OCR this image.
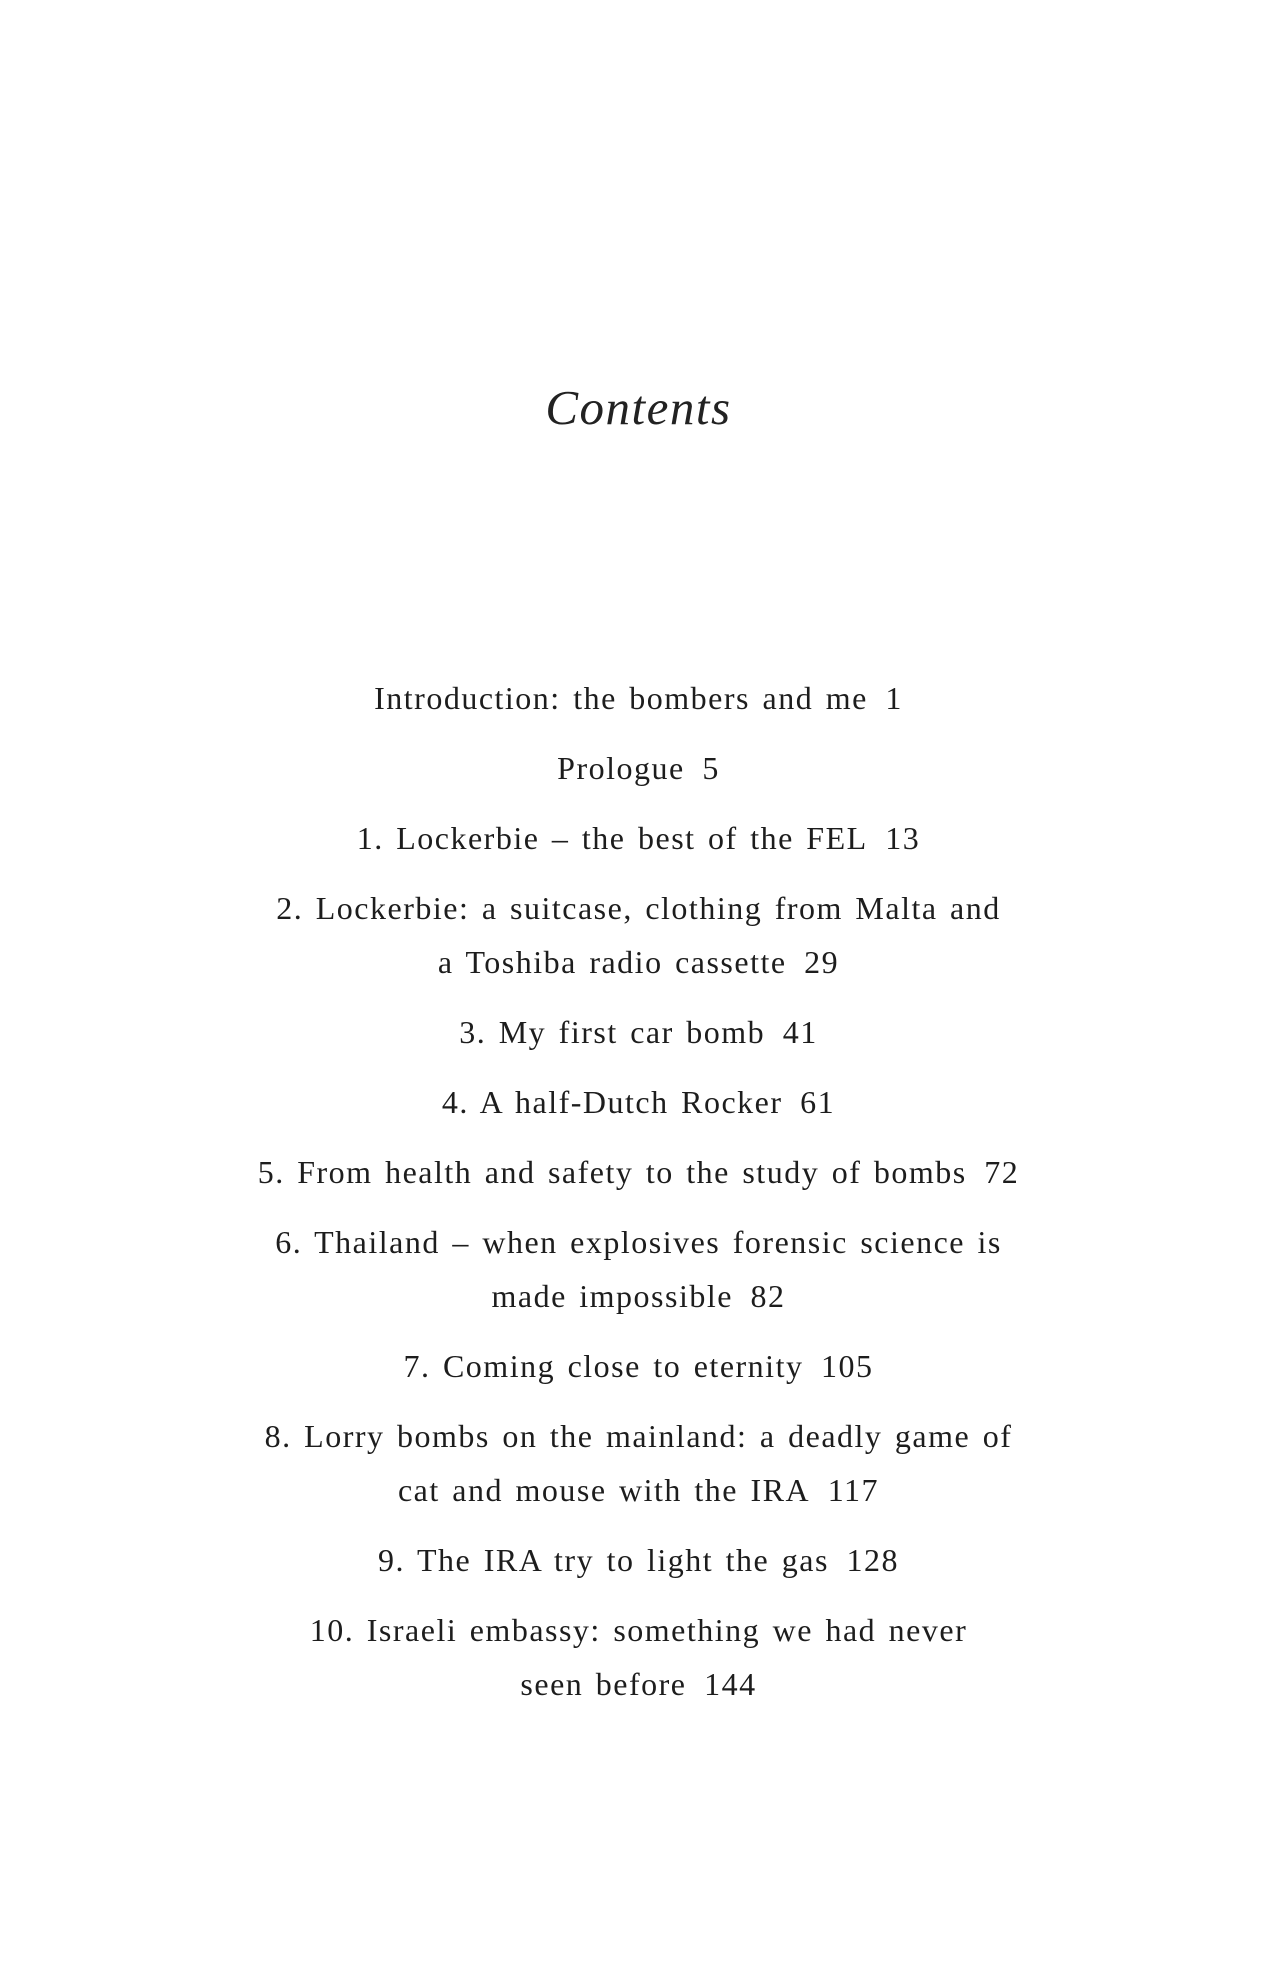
Contents
Introduction: the bombers and me 1
Prologue 5
1. Lockerbie – the best of the FEL 13
2. Lockerbie: a suitcase, clothing from Malta and
a Toshiba radio cassette 29
3. My first car bomb 41
4. A half-Dutch Rocker 61
5. From health and safety to the study of bombs 72
6. Thailand – when explosives forensic science is
made impossible 82
7. Coming close to eternity 105
8. Lorry bombs on the mainland: a deadly game of
cat and mouse with the IRA 117
9. The IRA try to light the gas 128
10. Israeli embassy: something we had never
seen before 144
